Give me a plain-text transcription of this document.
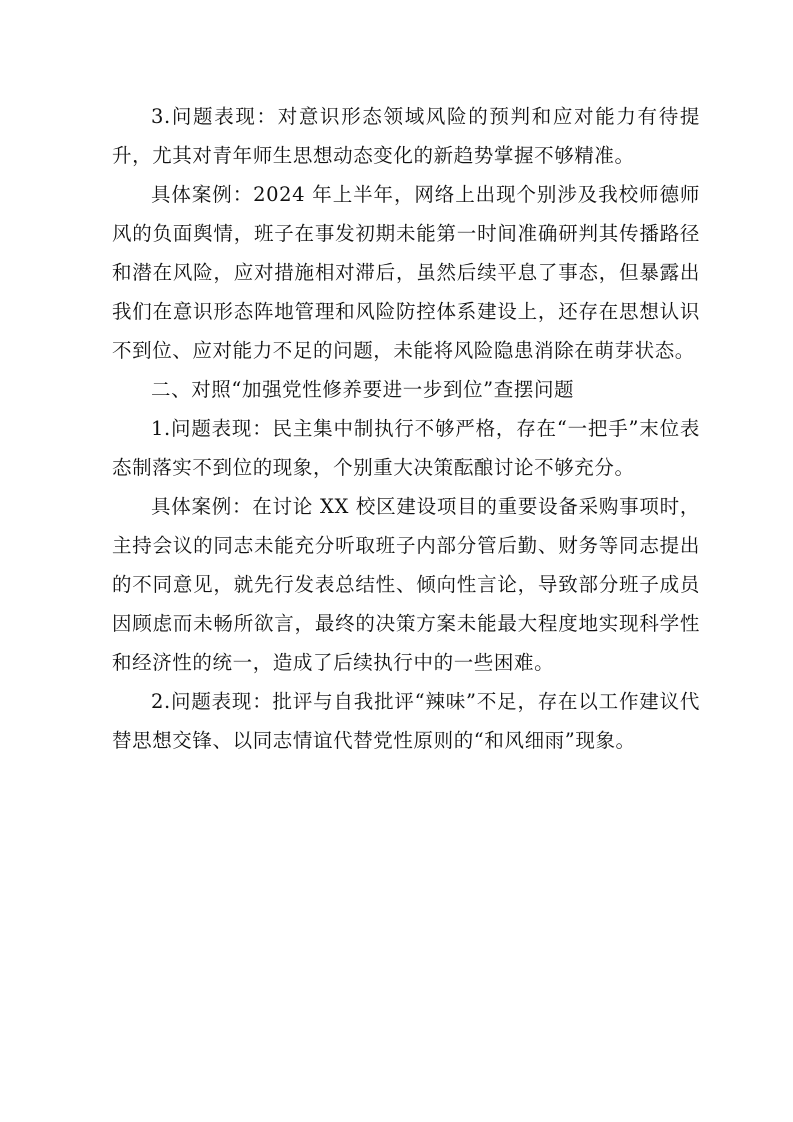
3.问题表现：对意识形态领域风险的预判和应对能力有待提升，尤其对青年师生思想动态变化的新趋势掌握不够精准。

具体案例：2024 年上半年，网络上出现个别涉及我校师德师风的负面舆情，班子在事发初期未能第一时间准确研判其传播路径和潜在风险，应对措施相对滞后，虽然后续平息了事态，但暴露出我们在意识形态阵地管理和风险防控体系建设上，还存在思想认识不到位、应对能力不足的问题，未能将风险隐患消除在萌芽状态。

二、对照“加强党性修养要进一步到位”查摆问题

1.问题表现：民主集中制执行不够严格，存在“一把手”末位表态制落实不到位的现象，个别重大决策酝酿讨论不够充分。

具体案例：在讨论 XX 校区建设项目的重要设备采购事项时，主持会议的同志未能充分听取班子内部分管后勤、财务等同志提出的不同意见，就先行发表总结性、倾向性言论，导致部分班子成员因顾虑而未畅所欲言，最终的决策方案未能最大程度地实现科学性和经济性的统一，造成了后续执行中的一些困难。

2.问题表现：批评与自我批评“辣味”不足，存在以工作建议代替思想交锋、以同志情谊代替党性原则的“和风细雨”现象。
